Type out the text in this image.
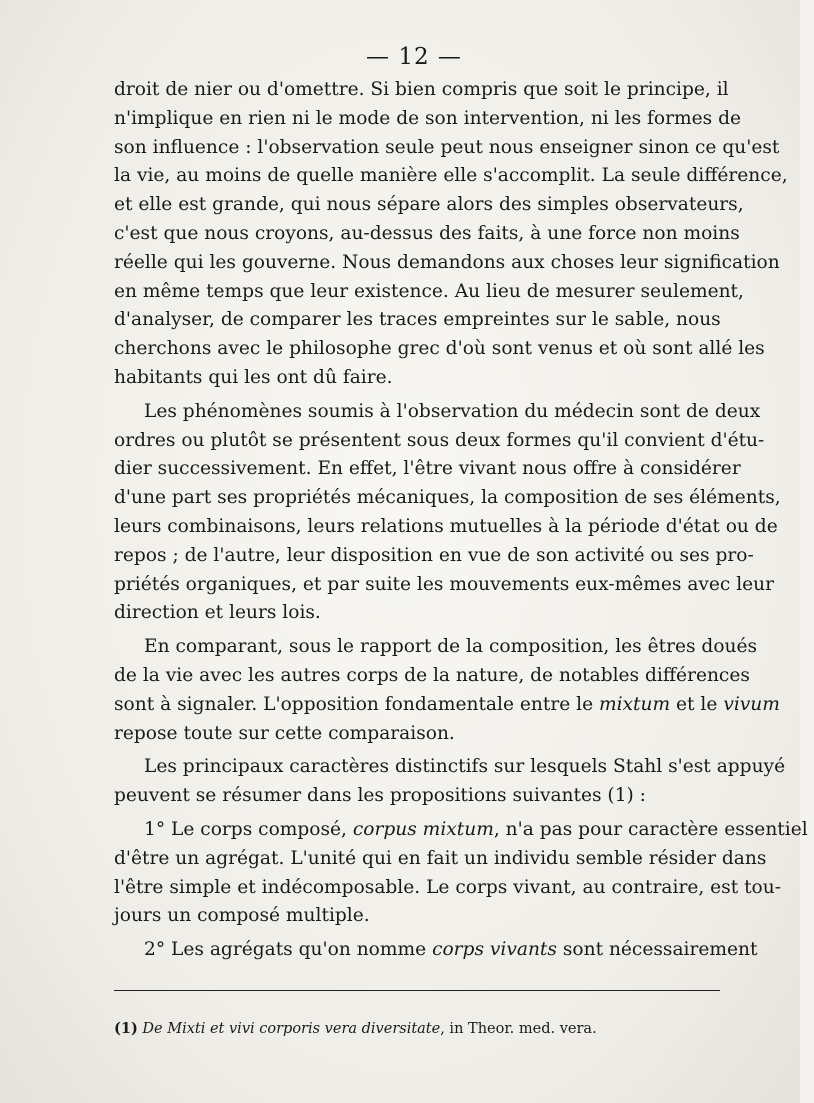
— 12 —
droit de nier ou d'omettre. Si bien compris que soit le principe, il
n'implique en rien ni le mode de son intervention, ni les formes de
son influence : l'observation seule peut nous enseigner sinon ce qu'est
la vie, au moins de quelle manière elle s'accomplit. La seule différence,
et elle est grande, qui nous sépare alors des simples observateurs,
c'est que nous croyons, au-dessus des faits, à une force non moins
réelle qui les gouverne. Nous demandons aux choses leur signification
en même temps que leur existence. Au lieu de mesurer seulement,
d'analyser, de comparer les traces empreintes sur le sable, nous
cherchons avec le philosophe grec d'où sont venus et où sont allé les
habitants qui les ont dû faire.
Les phénomènes soumis à l'observation du médecin sont de deux
ordres ou plutôt se présentent sous deux formes qu'il convient d'étu-
dier successivement. En effet, l'être vivant nous offre à considérer
d'une part ses propriétés mécaniques, la composition de ses éléments,
leurs combinaisons, leurs relations mutuelles à la période d'état ou de
repos ; de l'autre, leur disposition en vue de son activité ou ses pro-
priétés organiques, et par suite les mouvements eux-mêmes avec leur
direction et leurs lois.
En comparant, sous le rapport de la composition, les êtres doués
de la vie avec les autres corps de la nature, de notables différences
sont à signaler. L'opposition fondamentale entre le mixtum et le vivum
repose toute sur cette comparaison.
Les principaux caractères distinctifs sur lesquels Stahl s'est appuyé
peuvent se résumer dans les propositions suivantes (1) :
1° Le corps composé, corpus mixtum, n'a pas pour caractère essentiel
d'être un agrégat. L'unité qui en fait un individu semble résider dans
l'être simple et indécomposable. Le corps vivant, au contraire, est tou-
jours un composé multiple.
2° Les agrégats qu'on nomme corps vivants sont nécessairement
(1) De Mixti et vivi corporis vera diversitate, in Theor. med. vera.
